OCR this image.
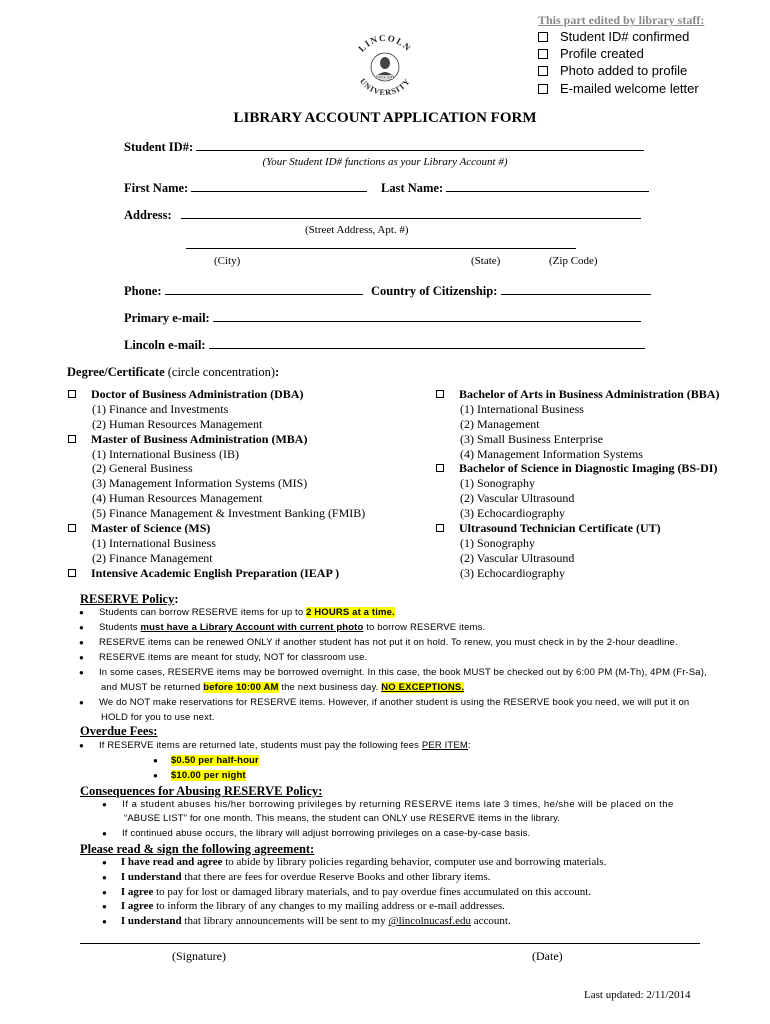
This part edited by library staff:
Student ID# confirmed
Profile created
Photo added to profile
E-mailed welcome letter
LINCOLN
UNIVERSITY
SINCE 1919
LIBRARY ACCOUNT APPLICATION FORM
Student ID#:
(Your Student ID# functions as your Library Account #)
First Name:	Last Name:
Address:
(Street Address, Apt. #)
(City)	(State)	(Zip Code)
Phone:	Country of Citizenship:
Primary e-mail:
Lincoln e-mail:
Degree/Certificate (circle concentration):
Doctor of Business Administration (DBA)
(1) Finance and Investments
(2) Human Resources Management
Master of Business Administration (MBA)
(1) International Business (IB)
(2) General Business
(3) Management Information Systems (MIS)
(4) Human Resources Management
(5) Finance Management & Investment Banking (FMIB)
Master of Science (MS)
(1) International Business
(2) Finance Management
Intensive Academic English Preparation (IEAP )
Bachelor of Arts in Business Administration (BBA)
(1) International Business
(2) Management
(3) Small Business Enterprise
(4) Management Information Systems
Bachelor of Science in Diagnostic Imaging (BS-DI)
(1) Sonography
(2) Vascular Ultrasound
(3) Echocardiography
Ultrasound Technician Certificate (UT)
(1) Sonography
(2) Vascular Ultrasound
(3) Echocardiography
RESERVE Policy:
● Students can borrow RESERVE items for up to 2 HOURS at a time.
● Students must have a Library Account with current photo to borrow RESERVE items.
● RESERVE items can be renewed ONLY if another student has not put it on hold. To renew, you must check in by the 2-hour deadline.
● RESERVE items are meant for study, NOT for classroom use.
● In some cases, RESERVE items may be borrowed overnight. In this case, the book MUST be checked out by 6:00 PM (M-Th), 4PM (Fr-Sa),
and MUST be returned before 10:00 AM the next business day. NO EXCEPTIONS.
● We do NOT make reservations for RESERVE items. However, if another student is using the RESERVE book you need, we will put it on
HOLD for you to use next.
Overdue Fees:
● If RESERVE items are returned late, students must pay the following fees PER ITEM:
● $0.50 per half-hour
● $10.00 per night
Consequences for Abusing RESERVE Policy:
● If a student abuses his/her borrowing privileges by returning RESERVE items late 3 times, he/she will be placed on the
“ABUSE LIST” for one month. This means, the student can ONLY use RESERVE items in the library.
● If continued abuse occurs, the library will adjust borrowing privileges on a case-by-case basis.
Please read & sign the following agreement:
● I have read and agree to abide by library policies regarding behavior, computer use and borrowing materials.
● I understand that there are fees for overdue Reserve Books and other library items.
● I agree to pay for lost or damaged library materials, and to pay overdue fines accumulated on this account.
● I agree to inform the library of any changes to my mailing address or e-mail addresses.
● I understand that library announcements will be sent to my @lincolnucasf.edu account.
(Signature)	(Date)
Last updated: 2/11/2014
